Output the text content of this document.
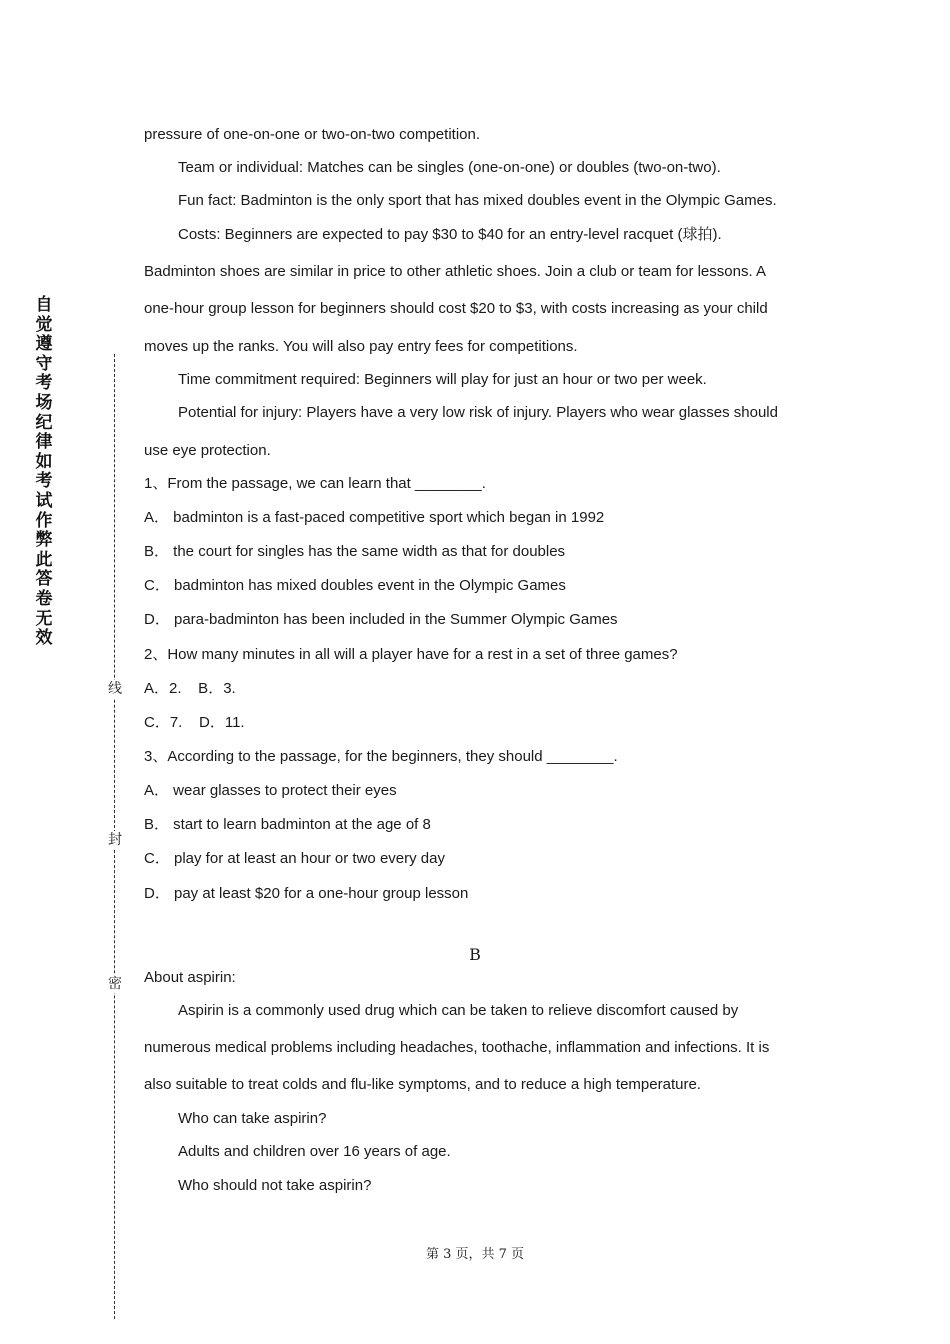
自觉遵守考场纪律如考试作弊此答卷无效
线
封
密
pressure of one-on-one or two-on-two competition.
Team or individual: Matches can be singles (one-on-one) or doubles (two-on-two).
Fun fact: Badminton is the only sport that has mixed doubles event in the Olympic Games.
Costs: Beginners are expected to pay $30 to $40 for an entry-level racquet (球拍).
Badminton shoes are similar in price to other athletic shoes. Join a club or team for lessons. A
one-hour group lesson for beginners should cost $20 to $3, with costs increasing as your child
moves up the ranks. You will also pay entry fees for competitions.
Time commitment required: Beginners will play for just an hour or two per week.
Potential for injury: Players have a very low risk of injury. Players who wear glasses should
use eye protection.
1、From the passage, we can learn that ________.
A． badminton is a fast-paced competitive sport which began in 1992
B． the court for singles has the same width as that for doubles
C． badminton has mixed doubles event in the Olympic Games
D． para-badminton has been included in the Summer Olympic Games
2、How many minutes in all will a player have for a rest in a set of three games?
A．2.    B．3.
C．7.    D．11.
3、According to the passage, for the beginners, they should ________.
A． wear glasses to protect their eyes
B． start to learn badminton at the age of 8
C． play for at least an hour or two every day
D． pay at least $20 for a one-hour group lesson
B
About aspirin:
Aspirin is a commonly used drug which can be taken to relieve discomfort caused by
numerous medical problems including headaches, toothache, inflammation and infections. It is
also suitable to treat colds and flu-like symptoms, and to reduce a high temperature.
Who can take aspirin?
Adults and children over 16 years of age.
Who should not take aspirin?
第 3 页，共 7 页
